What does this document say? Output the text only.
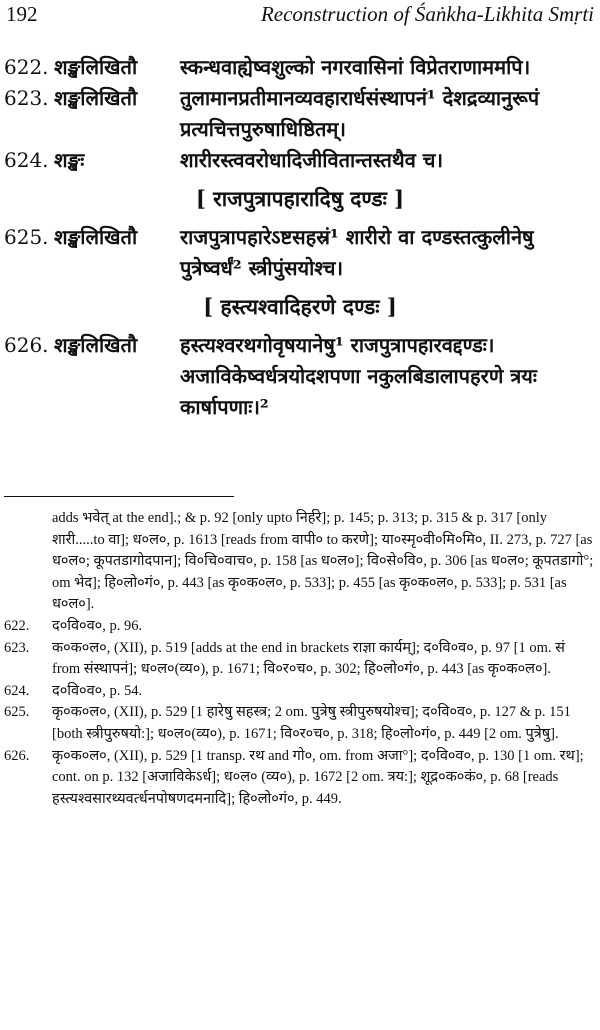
192	Reconstruction of Śaṅkha-Likhita Smṛti
622. शङ्खलिखितौ	स्कन्धवाह्येष्वशुल्को नगरवासिनां विप्रेतराणाममपि।
623. शङ्खलिखितौ	तुलामानप्रतीमानव्यवहारार्धसंस्थापनं¹ देशद्रव्यानुरूपं प्रत्यचित्तपुरुषाधिष्ठितम्।
624. शङ्खः	शारीरस्त्ववरोधादिजीवितान्तस्तथैव च।
[ राजपुत्रापहारादिषु दण्डः ]
625. शङ्खलिखितौ	राजपुत्रापहारेऽष्टसहस्रं¹ शारीरो वा दण्डस्तत्कुलीनेषु पुत्रेष्वर्धं² स्त्रीपुंसयोश्च।
[ हस्त्यश्वादिहरणे दण्डः ]
626. शङ्खलिखितौ	हस्त्यश्वरथगोवृषयानेषु¹ राजपुत्रापहारवद्दण्डः। अजाविकेष्वर्धत्रयोदशपणा नकुलबिडालापहरणे त्रयः कार्षापणाः।²
adds भवेत् at the end].; & p. 92 [only upto निर्हरे]; p. 145; p. 313; p. 315 & p. 317 [only शारी.....to वा]; ध०ल०, p. 1613 [reads from वापी० to करणे]; या०स्मृ०वी०मि०मि०, II. 273, p. 727 [as ध०ल०; कूपतडागोदपान]; वि०चि०वाच०, p. 158 [as ध०ल०]; वि०से०वि०, p. 306 [as ध०ल०; कूपतडागो°; om भेद]; हि०लो०गं०, p. 443 [as कृ०क०ल०, p. 533]; p. 455 [as कृ०क०ल०, p. 533]; p. 531 [as ध०ल०].
622. द०वि०व०, p. 96.
623. क०क०ल०, (XII), p. 519 [adds at the end in brackets राज्ञा कार्यम्]; द०वि०व०, p. 97 [1 om. सं from संस्थापनं]; ध०ल०(व्य०), p. 1671; वि०र०च०, p. 302; हि०लो०गं०, p. 443 [as कृ०क०ल०].
624. द०वि०व०, p. 54.
625. कृ०क०ल०, (XII), p. 529 [1 हारेषु सहस्त्र; 2 om. पुत्रेषु स्त्रीपुरुषयोश्च]; द०वि०व०, p. 127 & p. 151 [both स्त्रीपुरुषयो:]; ध०ल०(व्य०), p. 1671; वि०र०च०, p. 318; हि०लो०गं०, p. 449 [2 om. पुत्रेषु].
626. कृ०क०ल०, (XII), p. 529 [1 transp. रथ and गो०, om. from अजा°]; द०वि०व०, p. 130 [1 om. रथ]; cont. on p. 132 [अजाविकेऽर्ध]; ध०ल० (व्य०), p. 1672 [2 om. त्रय:]; शूद्र०क०कं०, p. 68 [reads हस्त्यश्वसारथ्यवर्त्धनपोषणदमनादि]; हि०लो०गं०, p. 449.
